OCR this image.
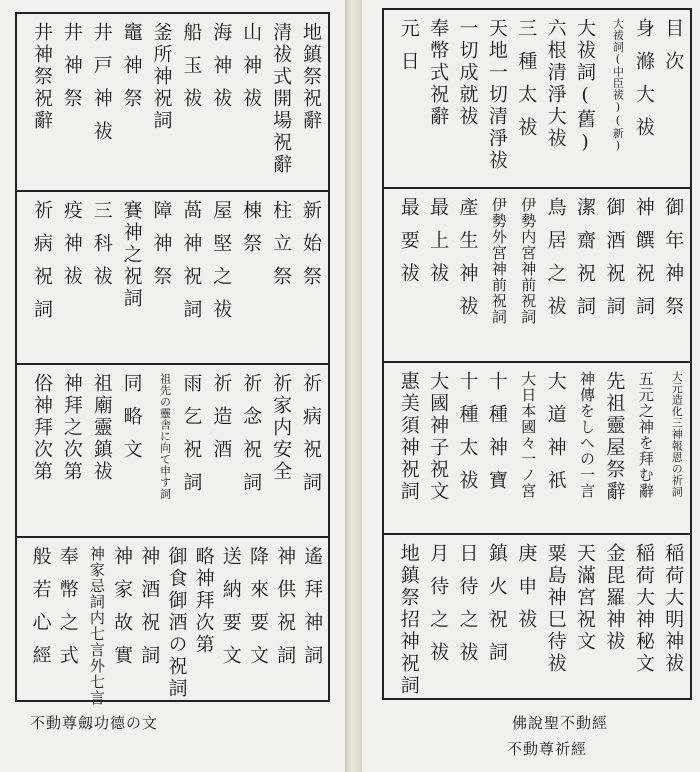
地鎮祭祝辭
清祓式開場祝辭
山神祓
海神祓
船玉祓
釜所神祝詞
竈神祭
井戸神祓
井神祭
井神祭祝辭
新始祭
柱立祭
棟祭
屋堅之祓
萵神祝詞
障神祭
賽神之祝詞
三科祓
疫神祓
祈病祝詞
祈病祝詞
祈家内安全
祈念祝詞
祈造酒
雨乞祝詞
祖先の靈舎に向て申す詞
同略文
祖廟靈鎮祓
神拜之次第
俗神拜次第
遙拜神詞
神供祝詞
降來要文
送納要文
略神拜次第
御食御酒の祝詞
神酒祝詞
神家故實
神家忌詞内七言外七言
奉幣之式
般若心經
不動尊劔功德の文
目次
身滌大祓
大祓詞(中臣祓)(新)
大祓詞(舊)
六根清淨大祓
三種太祓
天地一切清淨祓
一切成就祓
奉幣式祝辭
元日
御年神祭
神饌祝詞
御酒祝詞
潔齋祝詞
鳥居之祓
伊勢内宮神前祝詞
伊勢外宮神前祝詞
產生神祓
最上祓
最要祓
大元造化三神報恩の祈詞
五元之神を拜む辭
先祖靈屋祭辭
神傳をしへの一言
大道神祇
大日本國々一ノ宮
十種神寶
十種太祓
大國神子祝文
惠美須神祝詞
稲荷大明神祓
稲荷大神秘文
金毘羅神祓
天滿宮祝文
粟島神巳待祓
庚申祓
鎮火祝詞
日待之祓
月待之祓
地鎮祭招神祝詞
佛說聖不動經
不動尊祈經
